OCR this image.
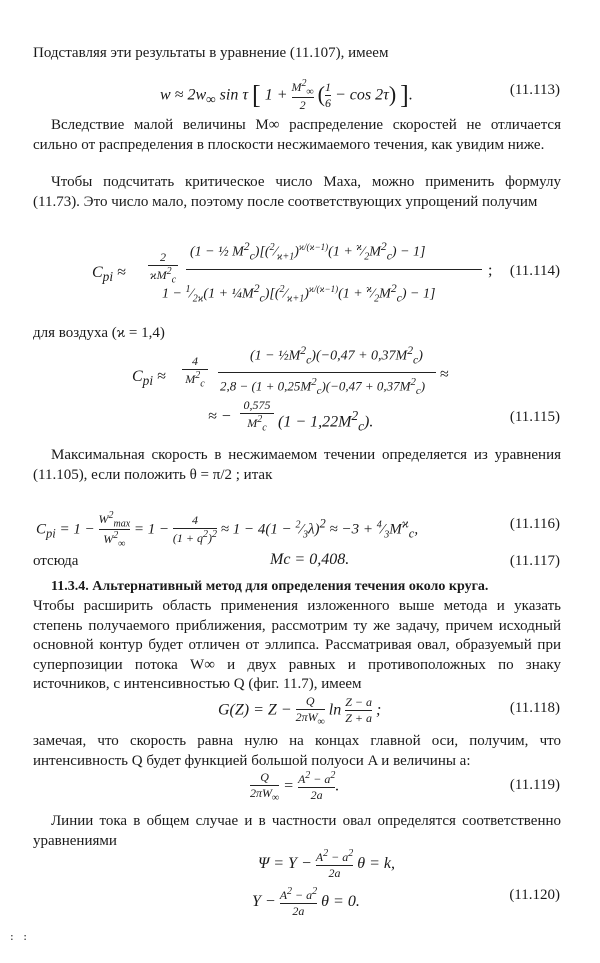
Подставляя эти результаты в уравнение (11.107), имеем
$w \approx 2w_\infty$ sin τ [ $1 + \frac{M^2_\infty}{2}$ ( $\frac{1}{6} - \cos 2\tau$) ].	(11.113)
Вследствие малой величины M∞ распределение скоростей не отличается сильно от распределения в плоскости несжимаемого течения, как увидим ниже.
Чтобы подсчитать критическое число Маха, можно применить формулу (11.73). Это число мало, поэтому после соответствующих упрощений получим
$C_{pi}$ ≈
2
$ϰM^2_c$
(1 − ½ $M^2_c)[(^2⁄_{ϰ+1})^{ϰ/(ϰ-1)}(1$ + $^ϰ⁄_2M^2_c) - 1$]
$1 - ^1⁄_{2ϰ}(1$ + $\frac{1}{4}M^2_c)[(^2⁄_{ϰ+1})^{ϰ/(ϰ-1)}(1$ + $^ϰ⁄_2M^2_c) - 1$]
; (11.114)
для воздуха (ϰ = 1,4)
$C_{pi}$ ≈
4
$M^2_c$
$(1 - \frac{1}{2}M^2_c)(-0,47 + 0,37M^2_c)$
$2,8 - (1 + 0,25M^2_c)(-0,47 + 0,37M^2_c)$
≈
≈ −
0,575
$M^2_c$ $(1 - 1,22M^2_c)$.	(11.115)
Максимальная скорость в несжимаемом течении определяется из уравнения (11.105), если положить θ = π/2 ; итак
$C_{pi} = 1$ −
$W^2_{max}$
$W^2_\infty$
= $1 - \frac{4}{(1 + q^2)^2} \approx 1 - 4(1$ − $^2⁄_3\lambda)^2 \approx -3$ + $^4⁄_3M^ϰ_c$,	(11.116)
отсюда	Mc = 0,408.	(11.117)
11.3.4. Альтернативный метод для определения течения около круга.
Чтобы расширить область применения изложенного выше метода и указать степень получаемого приближения, рассмотрим ту же задачу, причем исходный основной контур будет отличен от эллипса. Рассматривая овал, образуемый при суперпозиции потока W∞ и двух равных и противоположных по знаку источников, с интенсивностью Q (фиг. 11.7), имеем
$G(Z) = Z - \frac{Q}{2\pi W_\infty}$ $\ln \frac{Z - a}{Z + a}$ ;	(11.118)
замечая, что скорость равна нулю на концах главной оси, получим, что интенсивность Q будет функцией большой полуоси A и величины a:
$\frac{Q}{2\pi W_\infty} = \frac{A^2 - a^2}{2a}$ .	(11.119)
Линии тока в общем случае и в частности овал определятся соответственно уравнениями
$\Psi = Y - \frac{A^2 - a^2}{2a}$ θ = k,
$Y - \frac{A^2 - a^2}{2a}$ θ = 0.	(11.120)
: :
